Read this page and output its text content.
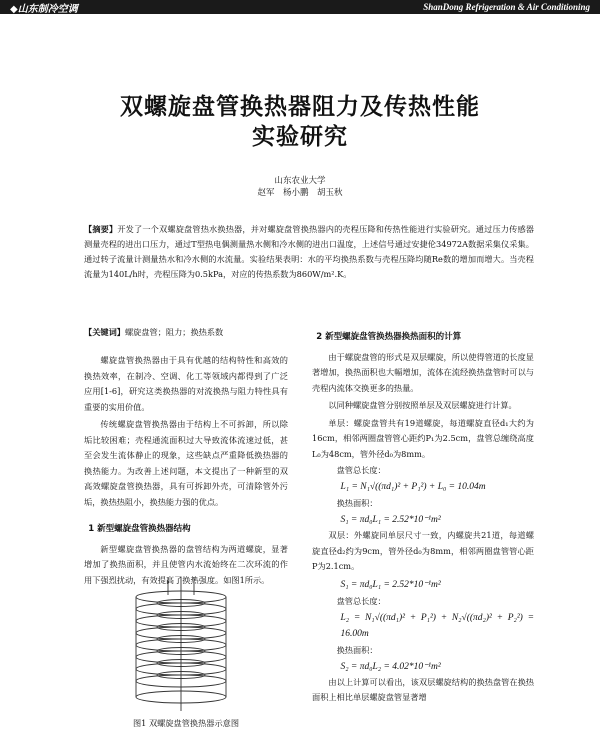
◆山东制冷空调	ShanDong Refrigeration & Air Conditioning
双螺旋盘管换热器阻力及传热性能
实验研究
山东农业大学
赵军　杨小鹏　胡玉秋
【摘要】开发了一个双螺旋盘管热水换热器，并对螺旋盘管换热器内的壳程压降和传热性能进行实验研究。通过压力传感器测量壳程的进出口压力，通过T型热电偶测量热水侧和冷水侧的进出口温度，上述信号通过安捷伦34972A数据采集仪采集。通过转子流量计测量热水和冷水侧的水流量。实验结果表明：水的平均换热系数与壳程压降均随Re数的增加而增大。当壳程流量为140L/h时，壳程压降为0.5kPa，对应的传热系数为860W/m².K。
【关键词】螺旋盘管；阻力；换热系数

螺旋盘管换热器由于具有优越的结构特性和高效的换热效率，在制冷、空调、化工等领域内都得到了广泛应用[1-6]，研究这类换热器的对流换热与阻力特性具有重要的实用价值。

传统螺旋盘管换热器由于结构上不可拆卸，所以除垢比较困难；壳程通流面积过大导致流体流速过低，甚至会发生流体静止的现象，这些缺点严重降低换热器的换热能力。为改善上述问题，本文提出了一种新型的双高效螺旋盘管换热器，具有可拆卸外壳，可清除管外污垢，换热热阻小，换热能力强的优点。

1 新型螺旋盘管换热器结构

新型螺旋盘管换热器的盘管结构为两道螺旋，显著增加了换热面积，并且使管内水流始终在二次环流的作用下强烈扰动，有效提高了换热强度。如图1所示。

图1 双螺旋盘管换热器示意图
2 新型螺旋盘管换热器换热面积的计算

由于螺旋盘管的形式是双层螺旋，所以使得管道的长度显著增加，换热面积也大幅增加，流体在流经换热盘管时可以与壳程内流体交换更多的热量。

以同种螺旋盘管分别按照单层及双层螺旋进行计算。

单层：螺旋盘管共有19道螺旋，每道螺旋直径d₁大约为16cm，相邻两圈盘管管心距约P₁为2.5cm，盘管总缠绕高度L₀为48cm，管外径d₀为8mm。

盘管总长度：
L₁ = N₁√((πd₁)² + P₁²) + L₀ = 10.04m
换热面积：
S₁ = πd₀L₁ = 2.52*10⁻¹m²

双层：外螺旋同单层尺寸一致，内螺旋共21道，每道螺旋直径d₂约为9cm，管外径d₀为8mm，相邻两圈盘管管心距P为2.1cm。

S₁ = πd₀L₁ = 2.52*10⁻¹m²
盘管总长度：
L₂ = N₁√((πd₁)² + P₁²) + N₂√((πd₂)² + P₂²) = 16.00m
换热面积：
S₂ = πd₀L₂ = 4.02*10⁻¹m²

由以上计算可以看出，该双层螺旋结构的换热盘管在换热面积上相比单层螺旋盘管显著增
